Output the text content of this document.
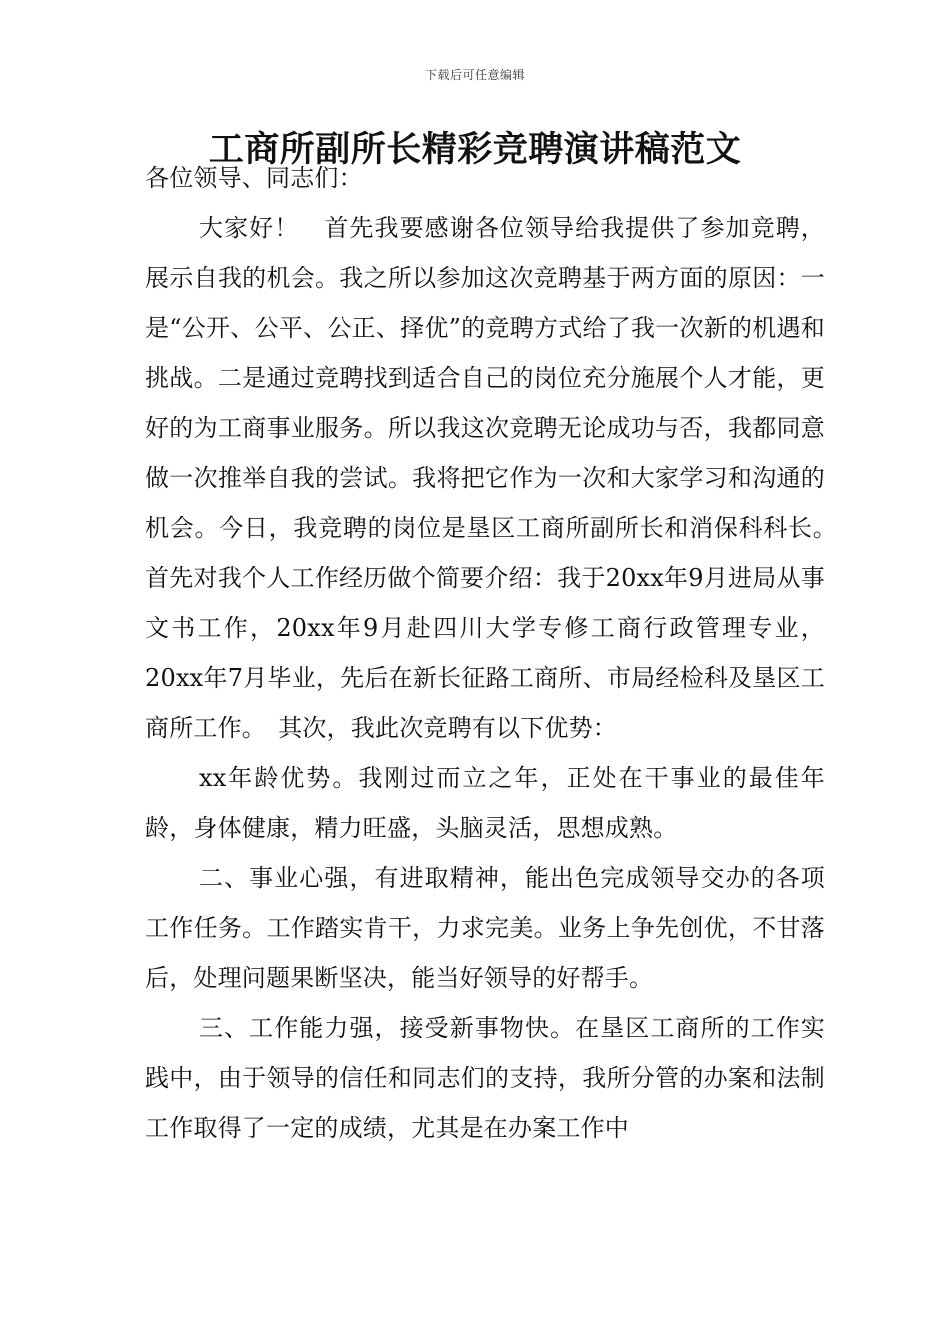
下载后可任意编辑
工商所副所长精彩竞聘演讲稿范文

各位领导、同志们：

大家好！　首先我要感谢各位领导给我提供了参加竞聘，展示自我的机会。我之所以参加这次竞聘基于两方面的原因：一是“公开、公平、公正、择优”的竞聘方式给了我一次新的机遇和挑战。二是通过竞聘找到适合自己的岗位充分施展个人才能，更好的为工商事业服务。所以我这次竞聘无论成功与否，我都同意做一次推举自我的尝试。我将把它作为一次和大家学习和沟通的机会。今日，我竞聘的岗位是垦区工商所副所长和消保科科长。　首先对我个人工作经历做个简要介绍：我于20xx年9月进局从事文书工作，20xx年9月赴四川大学专修工商行政管理专业，20xx年7月毕业，先后在新长征路工商所、市局经检科及垦区工商所工作。　其次，我此次竞聘有以下优势：

xx年龄优势。我刚过而立之年，正处在干事业的最佳年龄，身体健康，精力旺盛，头脑灵活，思想成熟。

二、事业心强，有进取精神，能出色完成领导交办的各项工作任务。工作踏实肯干，力求完美。业务上争先创优，不甘落后，处理问题果断坚决，能当好领导的好帮手。

三、工作能力强，接受新事物快。在垦区工商所的工作实践中，由于领导的信任和同志们的支持，我所分管的办案和法制工作取得了一定的成绩，尤其是在办案工作中
